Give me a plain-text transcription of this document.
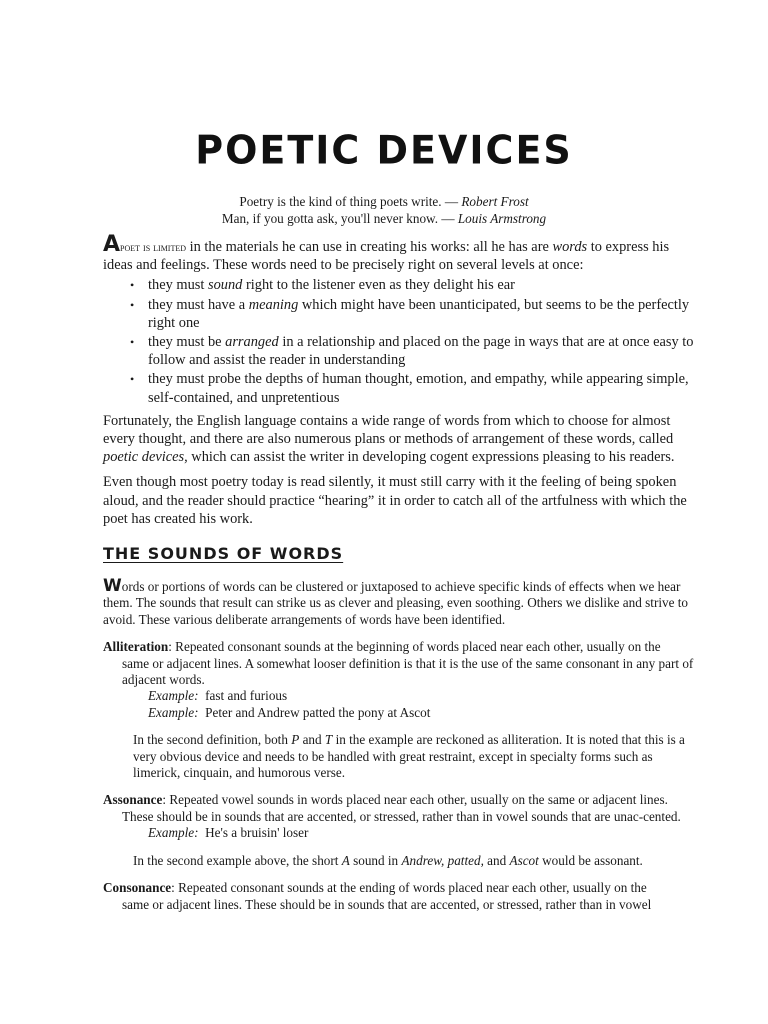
POETIC DEVICES
Poetry is the kind of thing poets write. — Robert Frost
Man, if you gotta ask, you'll never know. — Louis Armstrong

Apoet is limited in the materials he can use in creating his works: all he has are words to express his ideas and feelings. These words need to be precisely right on several levels at once:

• they must sound right to the listener even as they delight his ear
• they must have a meaning which might have been unanticipated, but seems to be the perfectly right one
• they must be arranged in a relationship and placed on the page in ways that are at once easy to follow and assist the reader in understanding
• they must probe the depths of human thought, emotion, and empathy, while appearing simple, self-contained, and unpretentious

Fortunately, the English language contains a wide range of words from which to choose for almost every thought, and there are also numerous plans or methods of arrangement of these words, called poetic devices, which can assist the writer in developing cogent expressions pleasing to his readers.

Even though most poetry today is read silently, it must still carry with it the feeling of being spoken aloud, and the reader should practice “hearing” it in order to catch all of the artfulness with which the poet has created his work.

THE SOUNDS OF WORDS

Words or portions of words can be clustered or juxtaposed to achieve specific kinds of effects when we hear them. The sounds that result can strike us as clever and pleasing, even soothing. Others we dislike and strive to avoid. These various deliberate arrangements of words have been identified.

Alliteration: Repeated consonant sounds at the beginning of words placed near each other, usually on the
same or adjacent lines. A somewhat looser definition is that it is the use of the same consonant in any part of adjacent words.

Example: fast and furious

Example: Peter and Andrew patted the pony at Ascot

In the second definition, both P and T in the example are reckoned as alliteration. It is noted that this is a very obvious device and needs to be handled with great restraint, except in specialty forms such as limerick, cinquain, and humorous verse.

Assonance: Repeated vowel sounds in words placed near each other, usually on the same or adjacent lines.
These should be in sounds that are accented, or stressed, rather than in vowel sounds that are unac-cented.

Example: He's a bruisin' loser

In the second example above, the short A sound in Andrew, patted, and Ascot would be assonant.

Consonance: Repeated consonant sounds at the ending of words placed near each other, usually on the
same or adjacent lines. These should be in sounds that are accented, or stressed, rather than in vowel
